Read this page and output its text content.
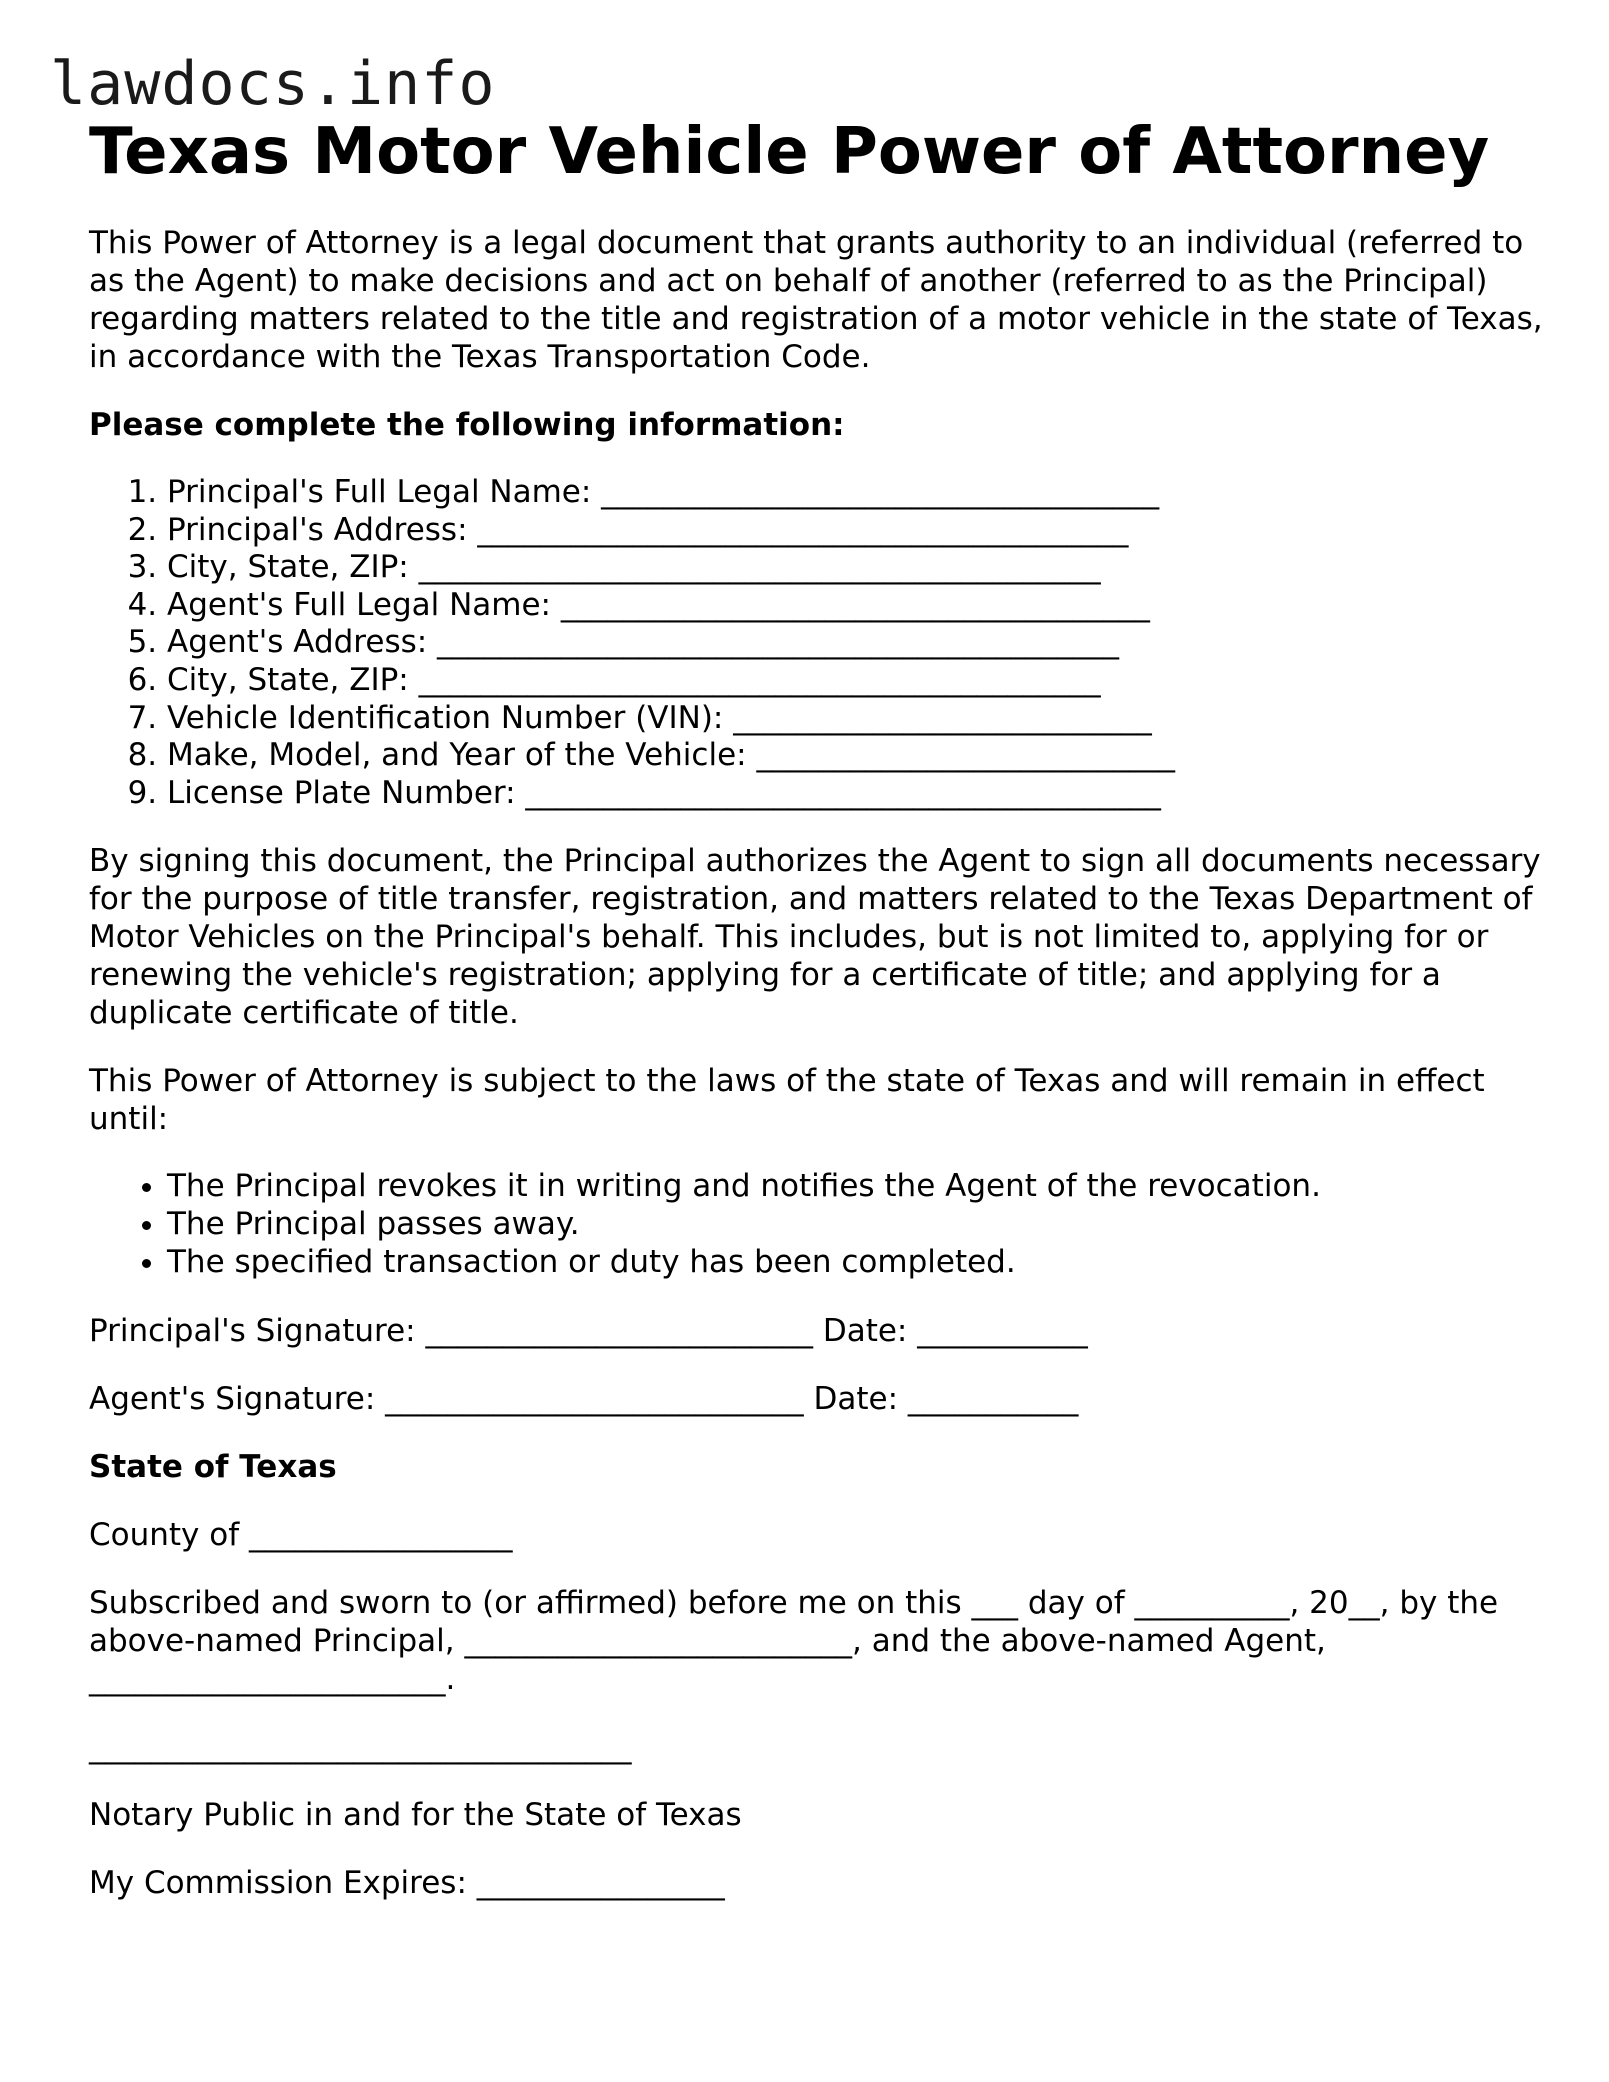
lawdocs.info
Texas Motor Vehicle Power of Attorney

This Power of Attorney is a legal document that grants authority to an individual (referred to as the Agent) to make decisions and act on behalf of another (referred to as the Principal) regarding matters related to the title and registration of a motor vehicle in the state of Texas, in accordance with the Texas Transportation Code.

Please complete the following information:

1. Principal's Full Legal Name: ____________________________________
2. Principal's Address: __________________________________________
3. City, State, ZIP: ____________________________________________
4. Agent's Full Legal Name: ______________________________________
5. Agent's Address: ____________________________________________
6. City, State, ZIP: ____________________________________________
7. Vehicle Identification Number (VIN): ___________________________
8. Make, Model, and Year of the Vehicle: ___________________________
9. License Plate Number: _________________________________________

By signing this document, the Principal authorizes the Agent to sign all documents necessary for the purpose of title transfer, registration, and matters related to the Texas Department of Motor Vehicles on the Principal's behalf. This includes, but is not limited to, applying for or renewing the vehicle's registration; applying for a certificate of title; and applying for a duplicate certificate of title.

This Power of Attorney is subject to the laws of the state of Texas and will remain in effect until:

• The Principal revokes it in writing and notifies the Agent of the revocation.
• The Principal passes away.
• The specified transaction or duty has been completed.

Principal's Signature: _________________________ Date: ___________

Agent's Signature: ___________________________ Date: ___________

State of Texas

County of _________________

Subscribed and sworn to (or affirmed) before me on this ___ day of __________, 20__, by the above-named Principal, _________________________, and the above-named Agent, _______________________.

___________________________________

Notary Public in and for the State of Texas

My Commission Expires: ________________
